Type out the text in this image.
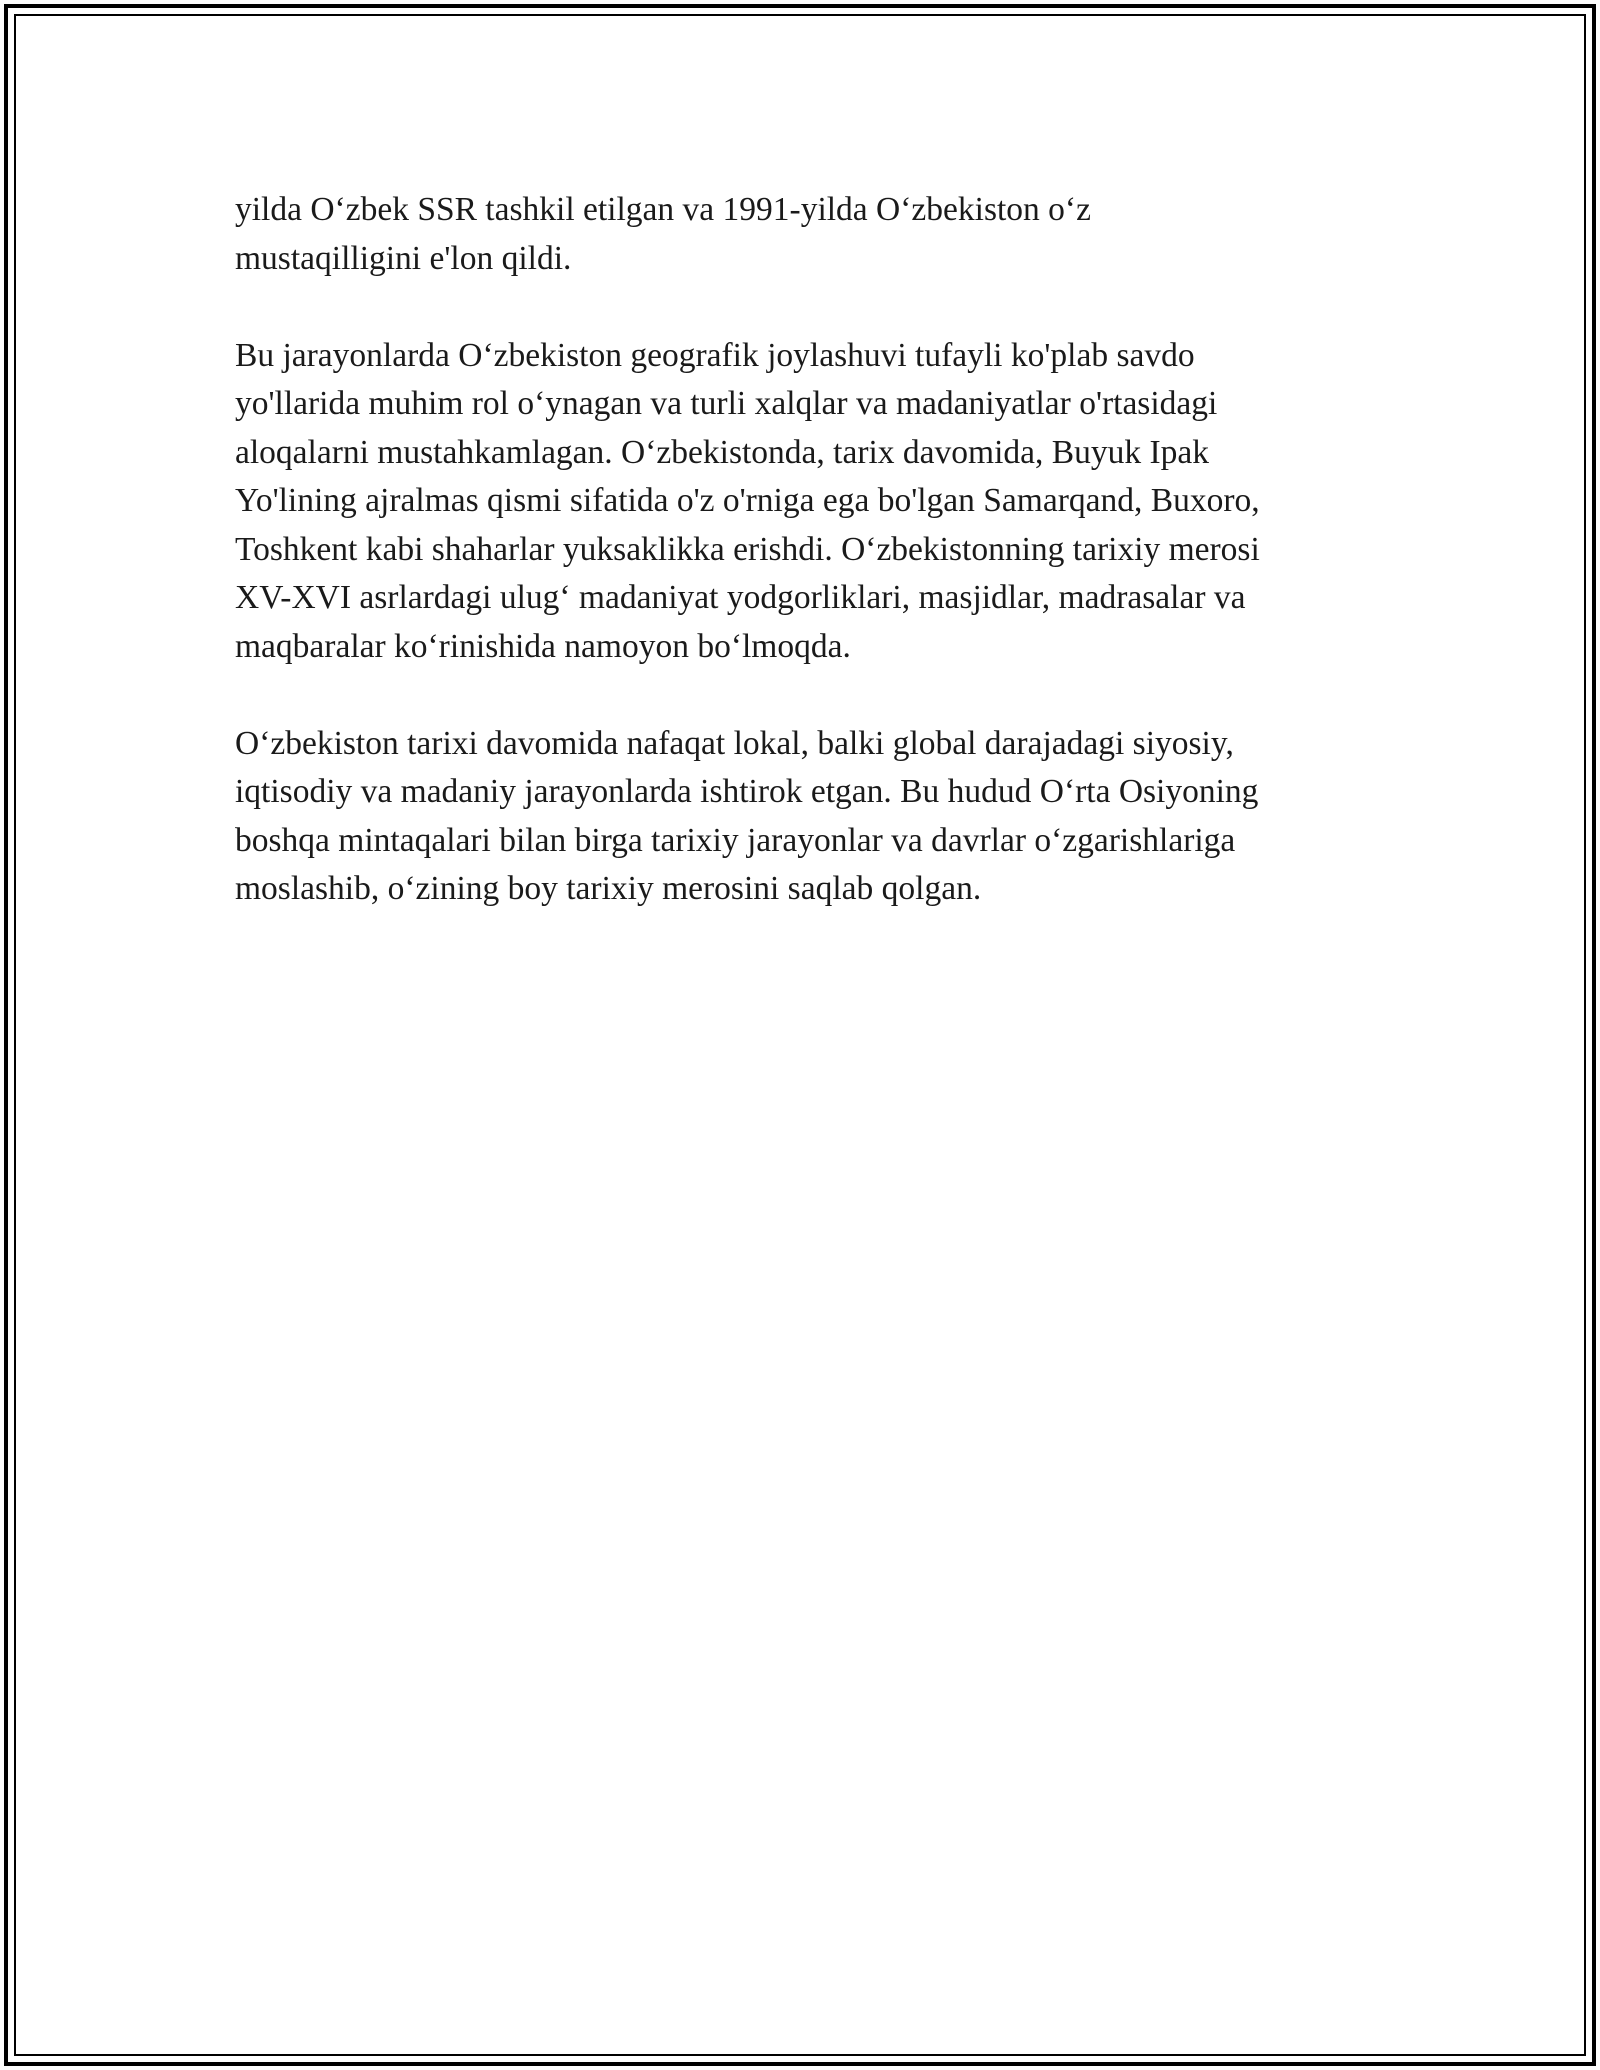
yilda O‘zbek SSR tashkil etilgan va 1991-yilda O‘zbekiston o‘z
mustaqilligini e'lon qildi.

Bu jarayonlarda O‘zbekiston geografik joylashuvi tufayli ko'plab savdo
yo'llarida muhim rol o‘ynagan va turli xalqlar va madaniyatlar o'rtasidagi
aloqalarni mustahkamlagan. O‘zbekistonda, tarix davomida, Buyuk Ipak
Yo'lining ajralmas qismi sifatida o'z o'rniga ega bo'lgan Samarqand, Buxoro,
Toshkent kabi shaharlar yuksaklikka erishdi. O‘zbekistonning tarixiy merosi
XV-XVI asrlardagi ulug‘ madaniyat yodgorliklari, masjidlar, madrasalar va
maqbaralar ko‘rinishida namoyon bo‘lmoqda.

O‘zbekiston tarixi davomida nafaqat lokal, balki global darajadagi siyosiy,
iqtisodiy va madaniy jarayonlarda ishtirok etgan. Bu hudud O‘rta Osiyoning
boshqa mintaqalari bilan birga tarixiy jarayonlar va davrlar o‘zgarishlariga
moslashib, o‘zining boy tarixiy merosini saqlab qolgan.
